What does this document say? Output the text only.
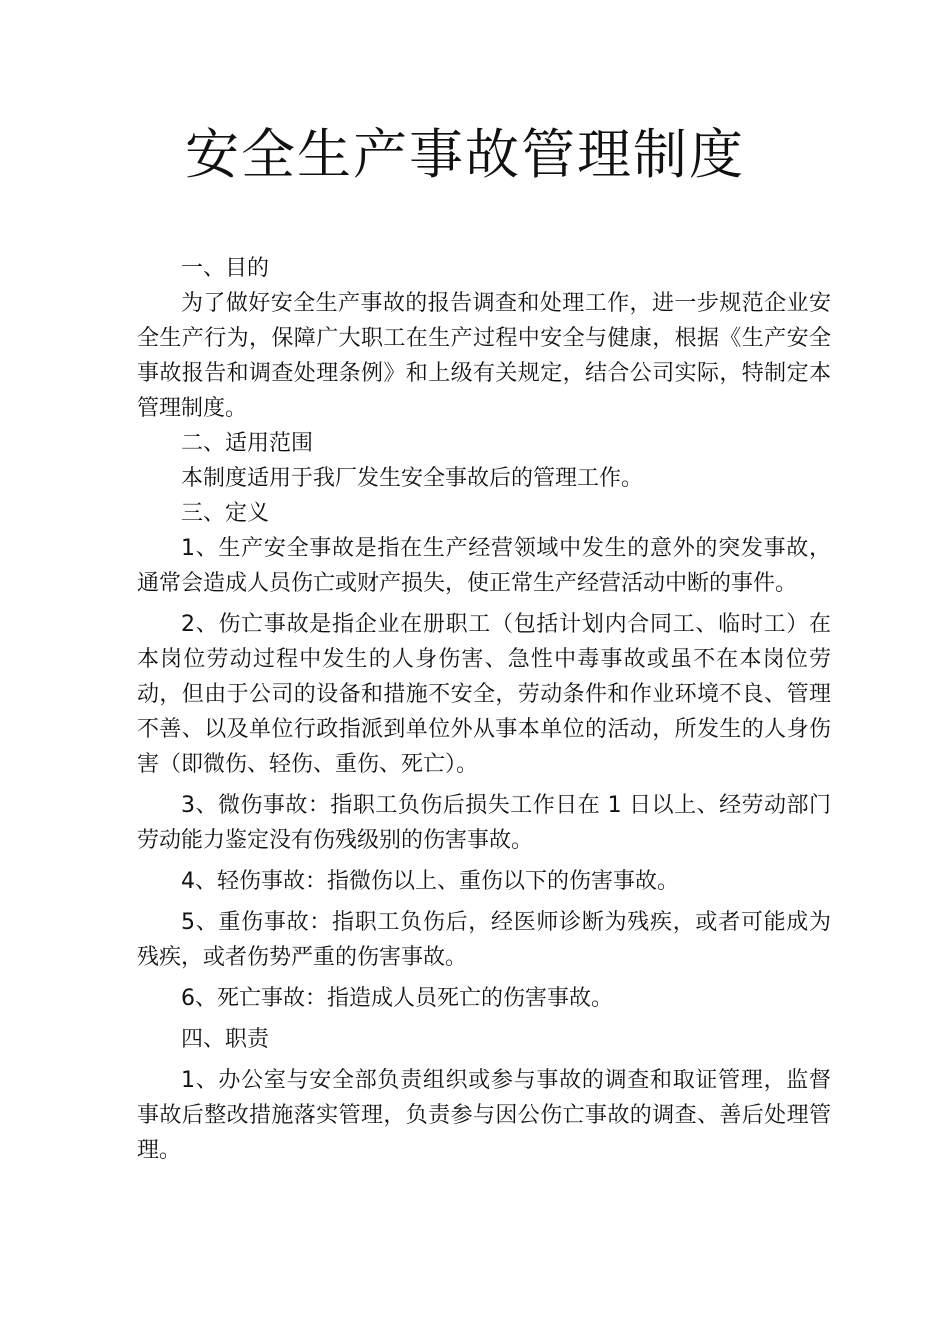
安全生产事故管理制度

一、目的

为了做好安全生产事故的报告调查和处理工作，进一步规范企业安全生产行为，保障广大职工在生产过程中安全与健康，根据《生产安全事故报告和调查处理条例》和上级有关规定，结合公司实际，特制定本管理制度。

二、适用范围

本制度适用于我厂发生安全事故后的管理工作。

三、定义

1、生产安全事故是指在生产经营领域中发生的意外的突发事故，通常会造成人员伤亡或财产损失，使正常生产经营活动中断的事件。

2、伤亡事故是指企业在册职工（包括计划内合同工、临时工）在本岗位劳动过程中发生的人身伤害、急性中毒事故或虽不在本岗位劳动，但由于公司的设备和措施不安全，劳动条件和作业环境不良、管理不善、以及单位行政指派到单位外从事本单位的活动，所发生的人身伤害（即微伤、轻伤、重伤、死亡）。

3、微伤事故：指职工负伤后损失工作日在 1 日以上、经劳动部门劳动能力鉴定没有伤残级别的伤害事故。

4、轻伤事故：指微伤以上、重伤以下的伤害事故。

5、重伤事故：指职工负伤后，经医师诊断为残疾，或者可能成为残疾，或者伤势严重的伤害事故。

6、死亡事故：指造成人员死亡的伤害事故。

四、职责

1、办公室与安全部负责组织或参与事故的调查和取证管理，监督事故后整改措施落实管理，负责参与因公伤亡事故的调查、善后处理管理。
